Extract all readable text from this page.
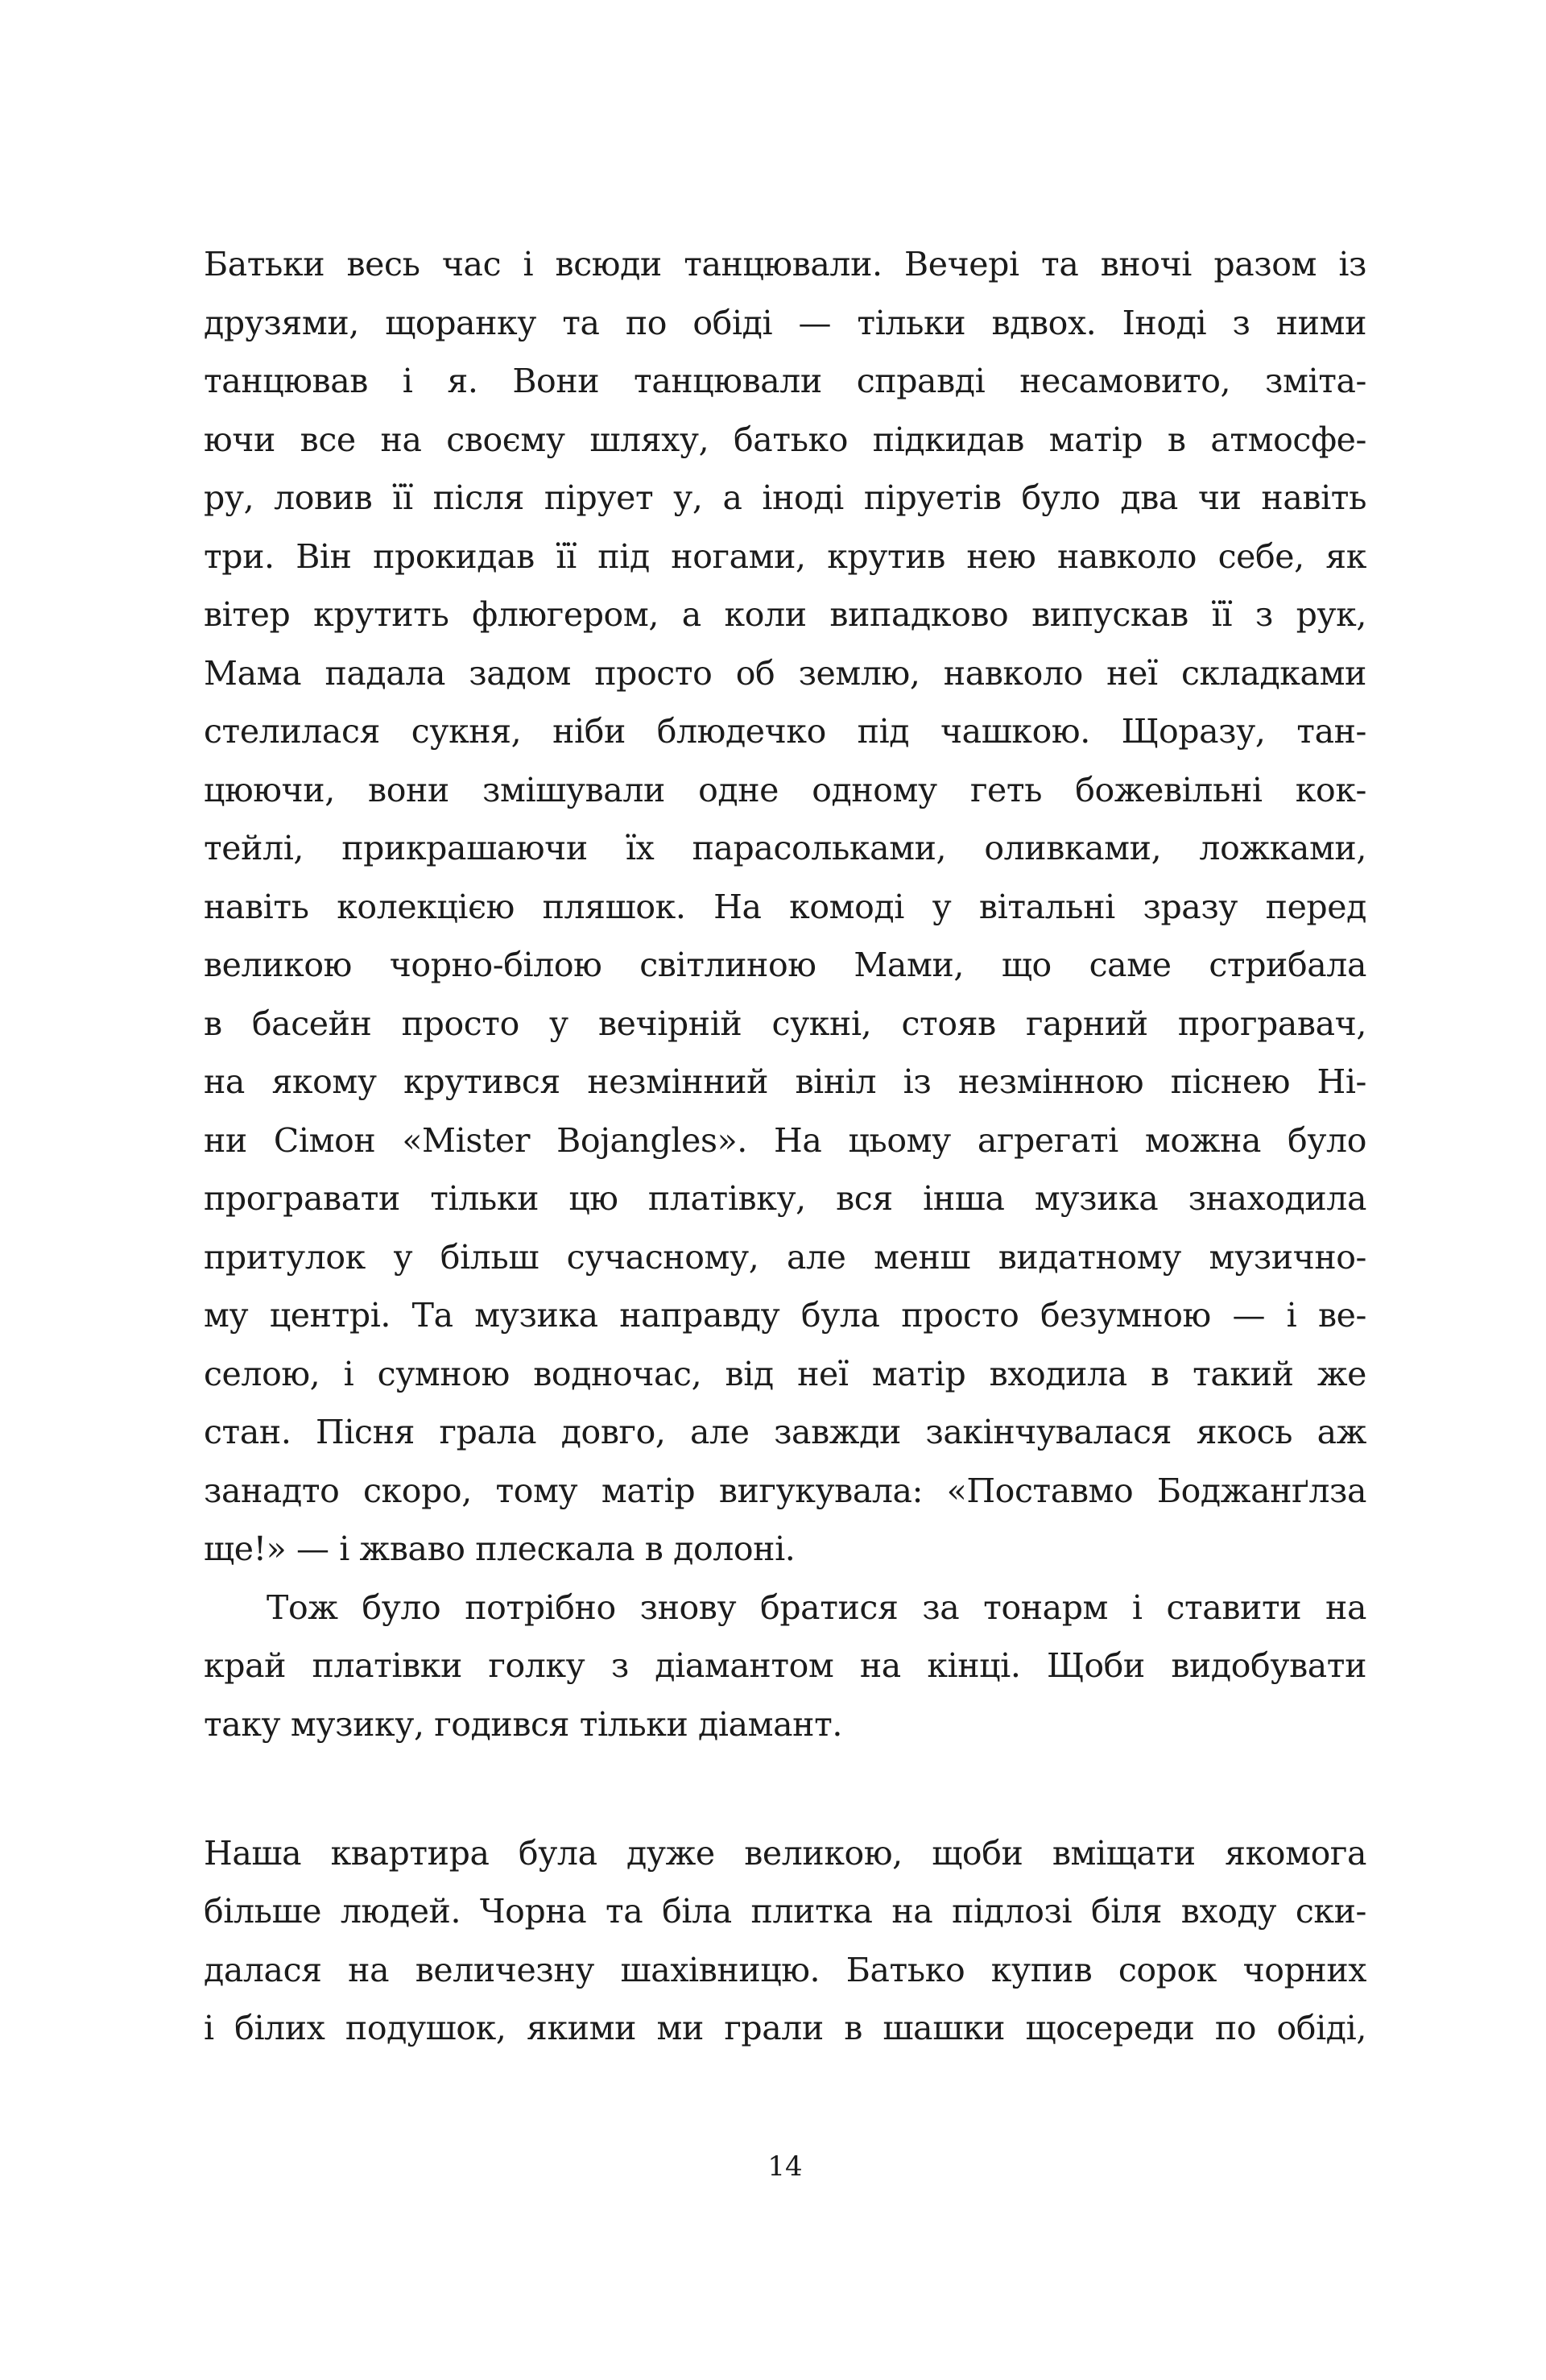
Батьки весь час і всюди танцювали. Вечері та вночі разом із
друзями, щоранку та по обіді — тільки вдвох. Іноді з ними
танцював і я. Вони танцювали справді несамовито, зміта-
ючи все на своєму шляху, батько підкидав матір в атмосфе-
ру, ловив її після пірует у, а іноді піруетів було два чи навіть
три. Він прокидав її під ногами, крутив нею навколо себе, як
вітер крутить флюгером, а коли випадково випускав її з рук,
Мама падала задом просто об землю, навколо неї складками
стелилася сукня, ніби блюдечко під чашкою. Щоразу, тан-
цюючи, вони змішували одне одному геть божевільні кок-
тейлі, прикрашаючи їх парасольками, оливками, ложками,
навіть колекцією пляшок. На комоді у вітальні зразу перед
великою чорно-білою світлиною Мами, що саме стрибала
в басейн просто у вечірній сукні, стояв гарний програвач,
на якому крутився незмінний вініл із незмінною піснею Ні-
ни Сімон «Mister Bojangles». На цьому агрегаті можна було
програвати тільки цю платівку, вся інша музика знаходила
притулок у більш сучасному, але менш видатному музично-
му центрі. Та музика направду була просто безумною — і ве-
селою, і сумною водночас, від неї матір входила в такий же
стан. Пісня грала довго, але завжди закінчувалася якось аж
занадто скоро, тому матір вигукувала: «Поставмо Боджанґлза
ще!» — і жваво плескала в долоні.
Тож було потрібно знову братися за тонарм і ставити на
край платівки голку з діамантом на кінці. Щоби видобувати
таку музику, годився тільки діамант.
Наша квартира була дуже великою, щоби вміщати якомога
більше людей. Чорна та біла плитка на підлозі біля входу ски-
далася на величезну шахівницю. Батько купив сорок чорних
і білих подушок, якими ми грали в шашки щосереди по обіді,
14
